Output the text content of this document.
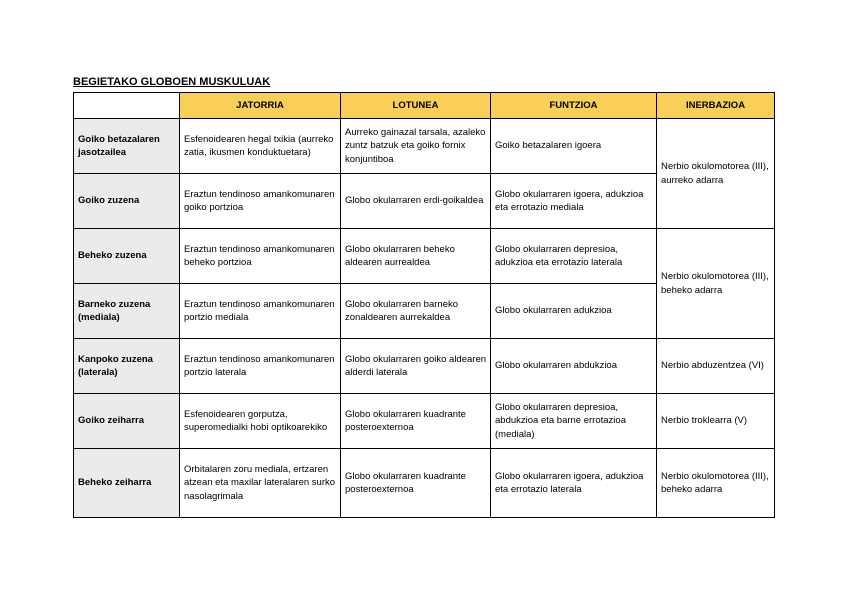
BEGIETAKO GLOBOEN MUSKULUAK
	JATORRIA	LOTUNEA	FUNTZIOA	INERBAZIOA
Goiko betazalaren jasotzailea	Esfenoidearen hegal txikia (aurreko zatia, ikusmen konduktuetara)	Aurreko gainazal tarsala, azaleko zuntz batzuk eta goiko fornix konjuntiboa	Goiko betazalaren igoera	Nerbio okulomotorea (III), aurreko adarra
Goiko zuzena	Eraztun tendinoso amankomunaren goiko portzioa	Globo okularraren erdi-goikaldea	Globo okularraren igoera, adukzioa eta errotazio mediala	
Beheko zuzena	Eraztun tendinoso amankomunaren beheko portzioa	Globo okularraren beheko aldearen aurrealdea	Globo okularraren depresioa, adukzioa eta errotazio laterala	Nerbio okulomotorea (III), beheko adarra
Barneko zuzena (mediala)	Eraztun tendinoso amankomunaren portzio mediala	Globo okularraren barneko zonaldearen aurrekaldea	Globo okularraren adukzioa	
Kanpoko zuzena (laterala)	Eraztun tendinoso amankomunaren portzio laterala	Globo okularraren goiko aldearen alderdi laterala	Globo okularraren abdukzioa	Nerbio abduzentzea (VI)
Goiko zeiharra	Esfenoidearen gorputza, superomedialki hobi optikoarekiko	Globo okularraren kuadrante posteroexternoa	Globo okularraren depresioa, abdukzioa eta barne errotazioa (mediala)	Nerbio troklearra (V)
Beheko zeiharra	Orbitalaren zoru mediala, ertzaren atzean eta maxilar lateralaren surko nasolagrimala	Globo okularraren kuadrante posteroexternoa	Globo okularraren igoera, adukzioa eta errotazio laterala	Nerbio okulomotorea (III), beheko adarra
